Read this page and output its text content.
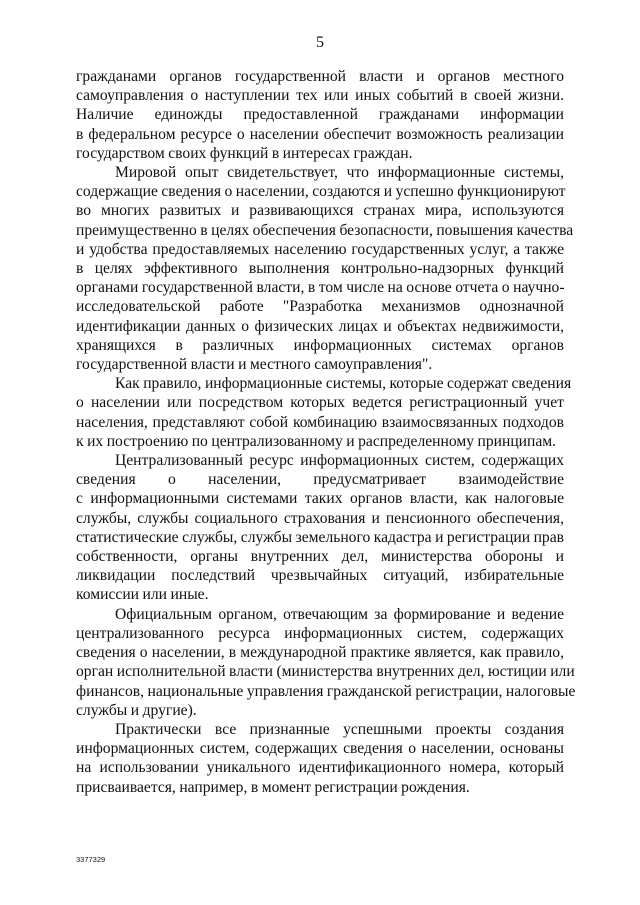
5

гражданами органов государственной власти и органов местного
самоуправления о наступлении тех или иных событий в своей жизни.
Наличие единожды предоставленной гражданами информации
в федеральном ресурсе о населении обеспечит возможность реализации
государством своих функций в интересах граждан.

Мировой опыт свидетельствует, что информационные системы,
содержащие сведения о населении, создаются и успешно функционируют
во многих развитых и развивающихся странах мира, используются
преимущественно в целях обеспечения безопасности, повышения качества
и удобства предоставляемых населению государственных услуг, а также
в целях эффективного выполнения контрольно-надзорных функций
органами государственной власти, в том числе на основе отчета о научно-
исследовательской работе "Разработка механизмов однозначной
идентификации данных о физических лицах и объектах недвижимости,
хранящихся в различных информационных системах органов
государственной власти и местного самоуправления".

Как правило, информационные системы, которые содержат сведения
о населении или посредством которых ведется регистрационный учет
населения, представляют собой комбинацию взаимосвязанных подходов
к их построению по централизованному и распределенному принципам.

Централизованный ресурс информационных систем, содержащих
сведения о населении, предусматривает взаимодействие
с информационными системами таких органов власти, как налоговые
службы, службы социального страхования и пенсионного обеспечения,
статистические службы, службы земельного кадастра и регистрации прав
собственности, органы внутренних дел, министерства обороны и
ликвидации последствий чрезвычайных ситуаций, избирательные
комиссии или иные.

Официальным органом, отвечающим за формирование и ведение
централизованного ресурса информационных систем, содержащих
сведения о населении, в международной практике является, как правило,
орган исполнительной власти (министерства внутренних дел, юстиции или
финансов, национальные управления гражданской регистрации, налоговые
службы и другие).

Практически все признанные успешными проекты создания
информационных систем, содержащих сведения о населении, основаны
на использовании уникального идентификационного номера, который
присваивается, например, в момент регистрации рождения.

3377329
